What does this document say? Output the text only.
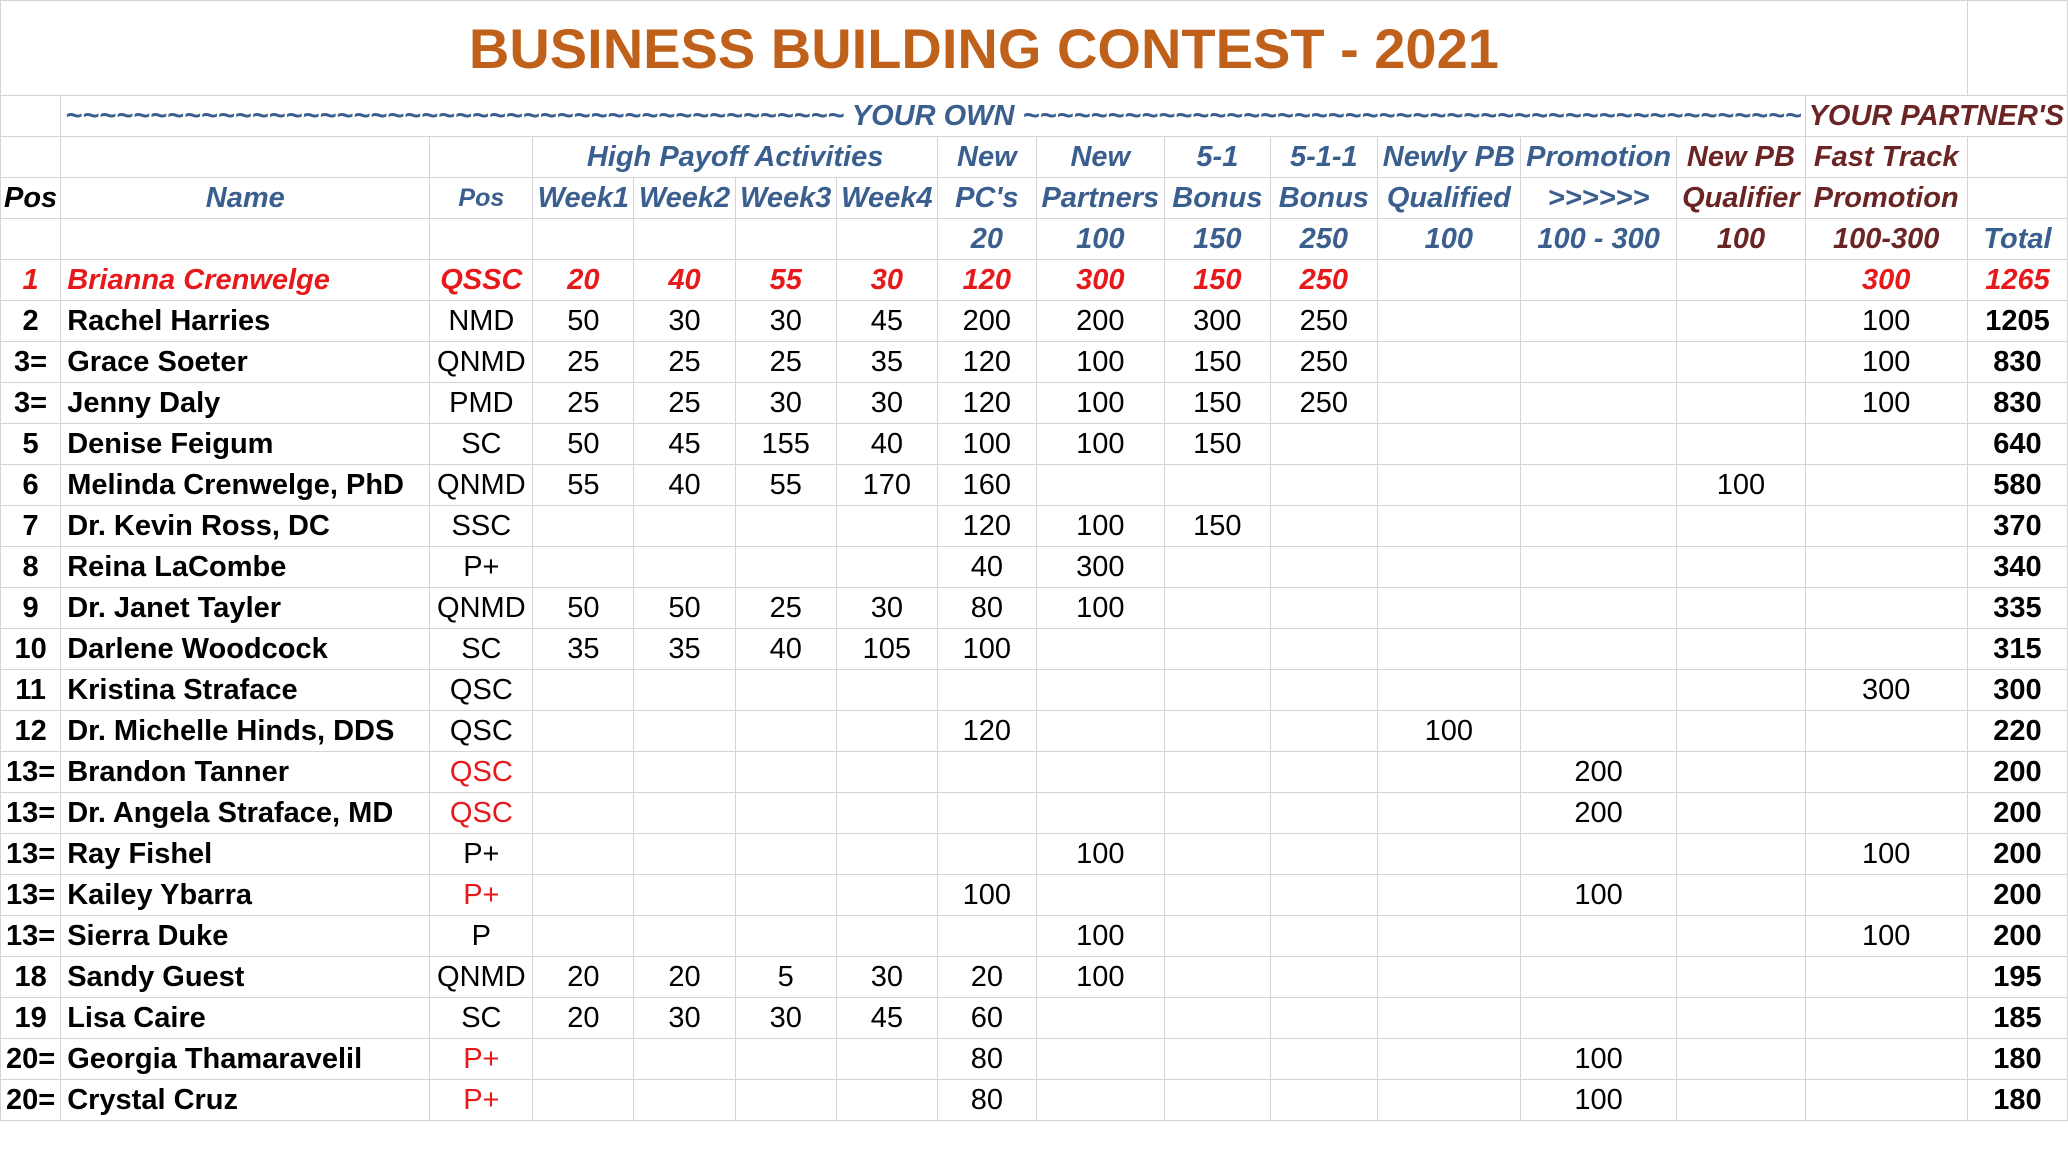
BUSINESS BUILDING CONTEST - 2021															
	~~~~~~~~~~~~~~~~~~~~~~~~~~~~~~~~~~~~~~~~~~~~~~ YOUR OWN ~~~~~~~~~~~~~~~~~~~~~~~~~~~~~~~~~~~~~~~~~~~~~~													YOUR PARTNER'S	
			High Payoff Activities				New	New	5-1	5-1-1	Newly PB	Promotion	New PB	Fast Track	
Pos	Name	Pos	Week1	Week2	Week3	Week4	PC's	Partners	Bonus	Bonus	Qualified	>>>>>>	Qualifier	Promotion	
							20	100	150	250	100	100 - 300	100	100-300	Total
1	Brianna Crenwelge	QSSC	20	40	55	30	120	300	150	250				300	1265
2	Rachel Harries	NMD	50	30	30	45	200	200	300	250				100	1205
3=	Grace Soeter	QNMD	25	25	25	35	120	100	150	250				100	830
3=	Jenny Daly	PMD	25	25	30	30	120	100	150	250				100	830
5	Denise Feigum	SC	50	45	155	40	100	100	150						640
6	Melinda Crenwelge, PhD	QNMD	55	40	55	170	160						100		580
7	Dr. Kevin Ross, DC	SSC					120	100	150						370
8	Reina LaCombe	P+					40	300							340
9	Dr. Janet Tayler	QNMD	50	50	25	30	80	100							335
10	Darlene Woodcock	SC	35	35	40	105	100								315
11	Kristina Straface	QSC												300	300
12	Dr. Michelle Hinds, DDS	QSC					120				100				220
13=	Brandon Tanner	QSC										200			200
13=	Dr. Angela Straface, MD	QSC										200			200
13=	Ray Fishel	P+						100						100	200
13=	Kailey Ybarra	P+					100					100			200
13=	Sierra Duke	P						100						100	200
18	Sandy Guest	QNMD	20	20	5	30	20	100							195
19	Lisa Caire	SC	20	30	30	45	60								185
20=	Georgia Thamaravelil	P+					80					100			180
20=	Crystal Cruz	P+					80					100			180
